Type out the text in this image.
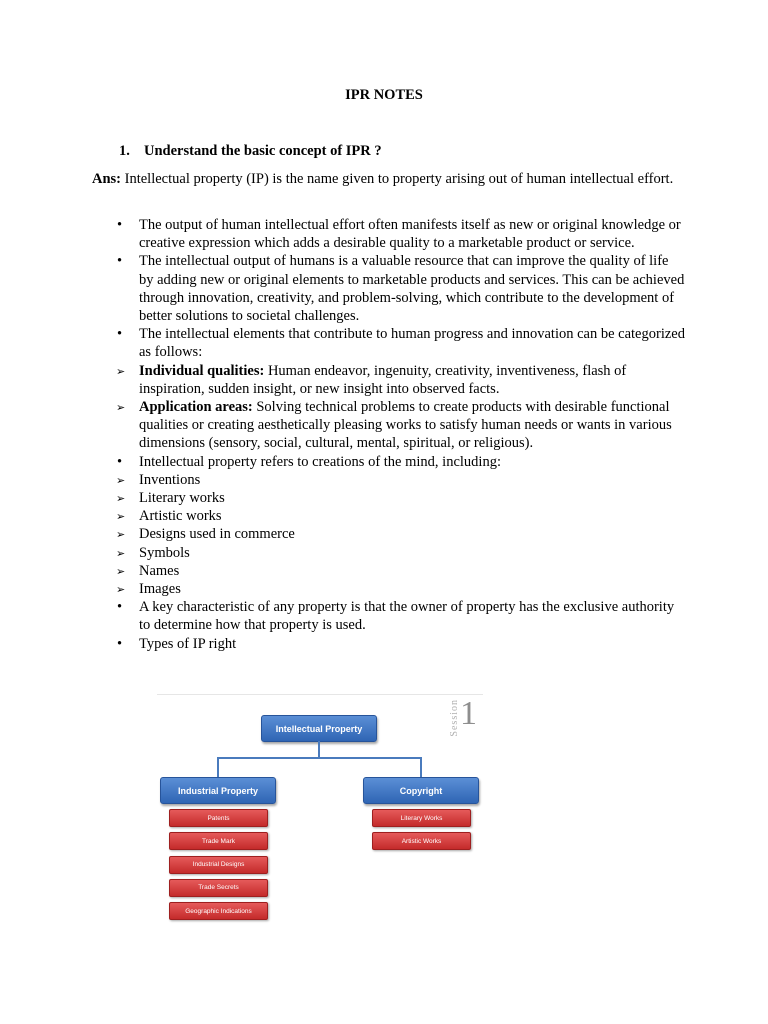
IPR NOTES
1. Understand the basic concept of IPR ?
Ans: Intellectual property (IP) is the name given to property arising out of human intellectual effort.
•	The output of human intellectual effort often manifests itself as new or original knowledge or creative expression which adds a desirable quality to a marketable product or service.
•	The intellectual output of humans is a valuable resource that can improve the quality of life by adding new or original elements to marketable products and services. This can be achieved through innovation, creativity, and problem-solving, which contribute to the development of better solutions to societal challenges.
•	The intellectual elements that contribute to human progress and innovation can be categorized as follows:
➢ Individual qualities: Human endeavor, ingenuity, creativity, inventiveness, flash of inspiration, sudden insight, or new insight into observed facts.
➢ Application areas: Solving technical problems to create products with desirable functional qualities or creating aesthetically pleasing works to satisfy human needs or wants in various dimensions (sensory, social, cultural, mental, spiritual, or religious).
•	Intellectual property refers to creations of the mind, including:
➢ Inventions
➢ Literary works
➢ Artistic works
➢ Designs used in commerce
➢ Symbols
➢ Names
➢ Images
•	A key characteristic of any property is that the owner of property has the exclusive authority to determine how that property is used.
•	Types of IP right
Session 1
Intellectual Property
Industrial Property	Copyright
Patents
Trade Mark
Industrial Designs
Trade Secrets
Geographic Indications
Literary Works
Artistic Works
